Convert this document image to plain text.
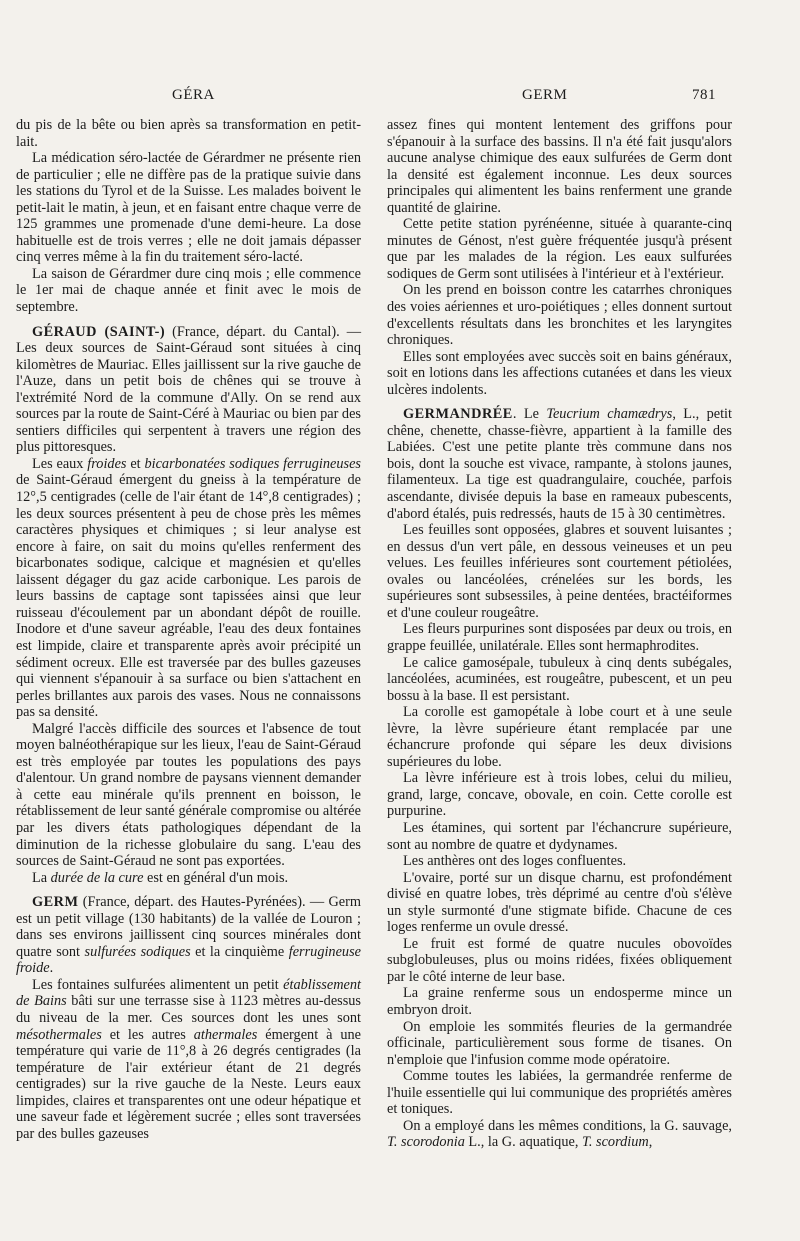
GÉRA	GERM	781

du pis de la bête ou bien après sa transformation en petit-lait.

La médication séro-lactée de Gérardmer ne présente rien de particulier ; elle ne diffère pas de la pratique suivie dans les stations du Tyrol et de la Suisse. Les malades boivent le petit-lait le matin, à jeun, et en faisant entre chaque verre de 125 grammes une promenade d'une demi-heure. La dose habituelle est de trois verres ; elle ne doit jamais dépasser cinq verres même à la fin du traitement séro-lacté.

La saison de Gérardmer dure cinq mois ; elle commence le 1er mai de chaque année et finit avec le mois de septembre.

GÉRAUD (SAINT-) (France, départ. du Cantal). — Les deux sources de Saint-Géraud sont situées à cinq kilomètres de Mauriac. Elles jaillissent sur la rive gauche de l'Auze, dans un petit bois de chênes qui se trouve à l'extrémité Nord de la commune d'Ally. On se rend aux sources par la route de Saint-Céré à Mauriac ou bien par des sentiers difficiles qui serpentent à travers une région des plus pittoresques.

Les eaux froides et bicarbonatées sodiques ferrugineuses de Saint-Géraud émergent du gneiss à la température de 12°,5 centigrades (celle de l'air étant de 14°,8 centigrades) ; les deux sources présentent à peu de chose près les mêmes caractères physiques et chimiques ; si leur analyse est encore à faire, on sait du moins qu'elles renferment des bicarbonates sodique, calcique et magnésien et qu'elles laissent dégager du gaz acide carbonique. Les parois de leurs bassins de captage sont tapissées ainsi que leur ruisseau d'écoulement par un abondant dépôt de rouille. Inodore et d'une saveur agréable, l'eau des deux fontaines est limpide, claire et transparente après avoir précipité un sédiment ocreux. Elle est traversée par des bulles gazeuses qui viennent s'épanouir à sa surface ou bien s'attachent en perles brillantes aux parois des vases. Nous ne connaissons pas sa densité.

Malgré l'accès difficile des sources et l'absence de tout moyen balnéothérapique sur les lieux, l'eau de Saint-Géraud est très employée par toutes les populations des pays d'alentour. Un grand nombre de paysans viennent demander à cette eau minérale qu'ils prennent en boisson, le rétablissement de leur santé générale compromise ou altérée par les divers états pathologiques dépendant de la diminution de la richesse globulaire du sang. L'eau des sources de Saint-Géraud ne sont pas exportées.

La durée de la cure est en général d'un mois.

GERM (France, départ. des Hautes-Pyrénées). — Germ est un petit village (130 habitants) de la vallée de Louron ; dans ses environs jaillissent cinq sources minérales dont quatre sont sulfurées sodiques et la cinquième ferrugineuse froide.

Les fontaines sulfurées alimentent un petit établissement de Bains bâti sur une terrasse sise à 1123 mètres au-dessus du niveau de la mer. Ces sources dont les unes sont mésothermales et les autres athermales émergent à une température qui varie de 11°,8 à 26 degrés centigrades (la température de l'air extérieur étant de 21 degrés centigrades) sur la rive gauche de la Neste. Leurs eaux limpides, claires et transparentes ont une odeur hépatique et une saveur fade et légèrement sucrée ; elles sont traversées par des bulles gazeuses

assez fines qui montent lentement des griffons pour s'épanouir à la surface des bassins. Il n'a été fait jusqu'alors aucune analyse chimique des eaux sulfurées de Germ dont la densité est également inconnue. Les deux sources principales qui alimentent les bains renferment une grande quantité de glairine.

Cette petite station pyrénéenne, située à quarante-cinq minutes de Génost, n'est guère fréquentée jusqu'à présent que par les malades de la région. Les eaux sulfurées sodiques de Germ sont utilisées à l'intérieur et à l'extérieur.

On les prend en boisson contre les catarrhes chroniques des voies aériennes et uro-poiétiques ; elles donnent surtout d'excellents résultats dans les bronchites et les laryngites chroniques.

Elles sont employées avec succès soit en bains généraux, soit en lotions dans les affections cutanées et dans les vieux ulcères indolents.

GERMANDRÉE. Le Teucrium chamædrys, L., petit chêne, chenette, chasse-fièvre, appartient à la famille des Labiées. C'est une petite plante très commune dans nos bois, dont la souche est vivace, rampante, à stolons jaunes, filamenteux. La tige est quadrangulaire, couchée, parfois ascendante, divisée depuis la base en rameaux pubescents, d'abord étalés, puis redressés, hauts de 15 à 30 centimètres.

Les feuilles sont opposées, glabres et souvent luisantes ; en dessus d'un vert pâle, en dessous veineuses et un peu velues. Les feuilles inférieures sont courtement pétiolées, ovales ou lancéolées, crénelées sur les bords, les supérieures sont subsessiles, à peine dentées, bractéiformes et d'une couleur rougeâtre.

Les fleurs purpurines sont disposées par deux ou trois, en grappe feuillée, unilatérale. Elles sont hermaphrodites.

Le calice gamosépale, tubuleux à cinq dents subégales, lancéolées, acuminées, est rougeâtre, pubescent, et un peu bossu à la base. Il est persistant.

La corolle est gamopétale à lobe court et à une seule lèvre, la lèvre supérieure étant remplacée par une échancrure profonde qui sépare les deux divisions supérieures du lobe.

La lèvre inférieure est à trois lobes, celui du milieu, grand, large, concave, obovale, en coin. Cette corolle est purpurine.

Les étamines, qui sortent par l'échancrure supérieure, sont au nombre de quatre et dydynames.

Les anthères ont des loges confluentes.

L'ovaire, porté sur un disque charnu, est profondément divisé en quatre lobes, très déprimé au centre d'où s'élève un style surmonté d'une stigmate bifide. Chacune de ces loges renferme un ovule dressé.

Le fruit est formé de quatre nucules obovoïdes subglobuleuses, plus ou moins ridées, fixées obliquement par le côté interne de leur base.

La graine renferme sous un endosperme mince un embryon droit.

On emploie les sommités fleuries de la germandrée officinale, particulièrement sous forme de tisanes. On n'emploie que l'infusion comme mode opératoire.

Comme toutes les labiées, la germandrée renferme de l'huile essentielle qui lui communique des propriétés amères et toniques.

On a employé dans les mêmes conditions, la G. sauvage, T. scorodonia L., la G. aquatique, T. scordium,
